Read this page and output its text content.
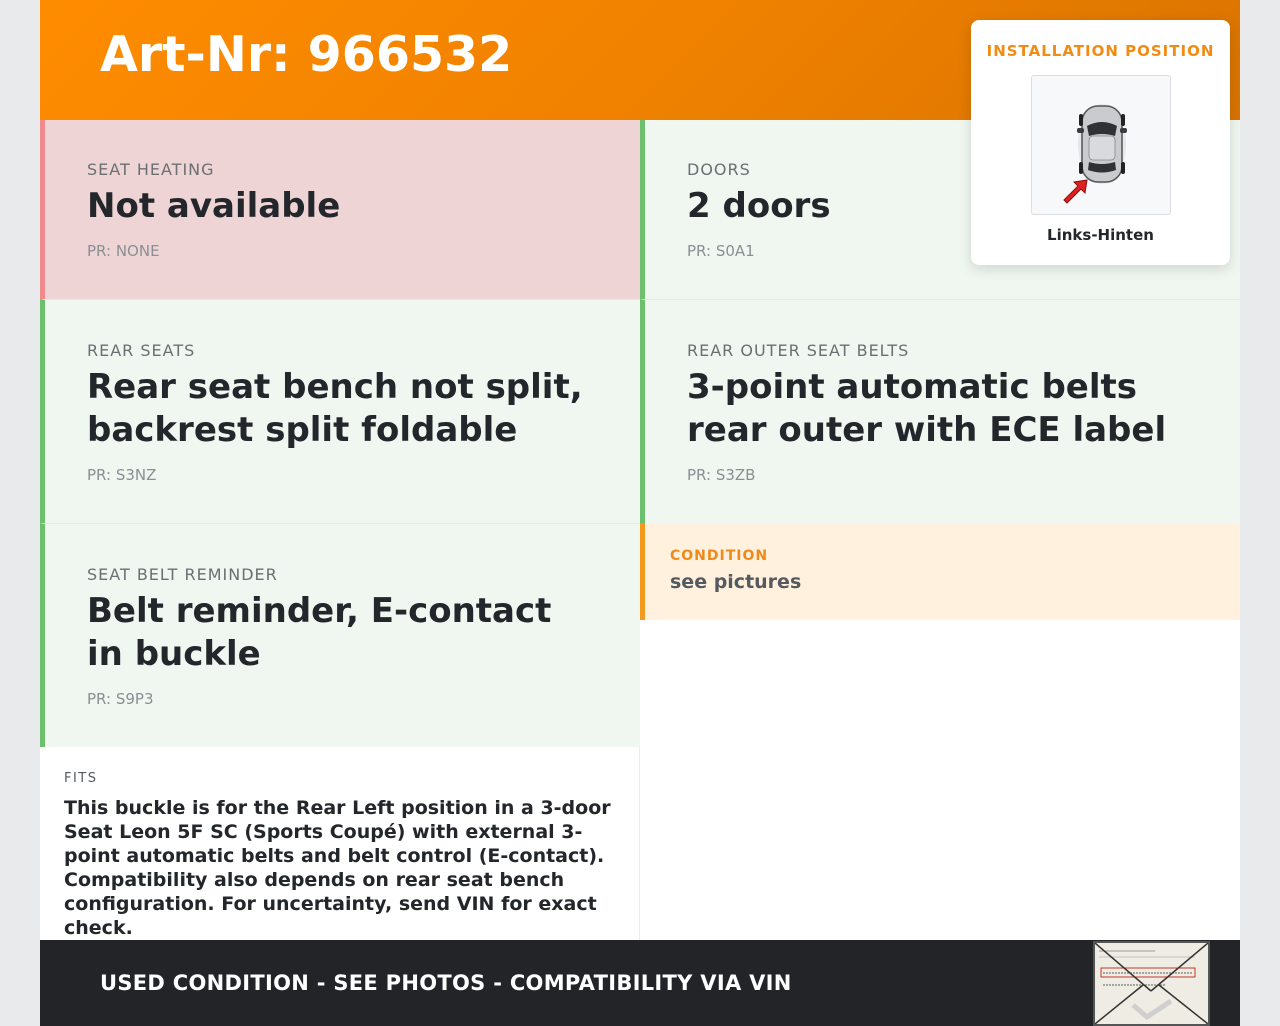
Art-Nr: 966532
SEAT HEATING
Not available
PR: NONE
DOORS
2 doors
PR: S0A1
REAR SEATS
Rear seat bench not split, backrest split foldable
PR: S3NZ
REAR OUTER SEAT BELTS
3-point automatic belts rear outer with ECE label
PR: S3ZB
SEAT BELT REMINDER
Belt reminder, E-contact in buckle
PR: S9P3
CONDITION
see pictures
FITS
This buckle is for the Rear Left position in a 3-door Seat Leon 5F SC (Sports Coupé) with external 3-point automatic belts and belt control (E-contact). Compatibility also depends on rear seat bench configuration. For uncertainty, send VIN for exact check.
INSTALLATION POSITION
Links-Hinten
USED CONDITION - SEE PHOTOS - COMPATIBILITY VIA VIN
